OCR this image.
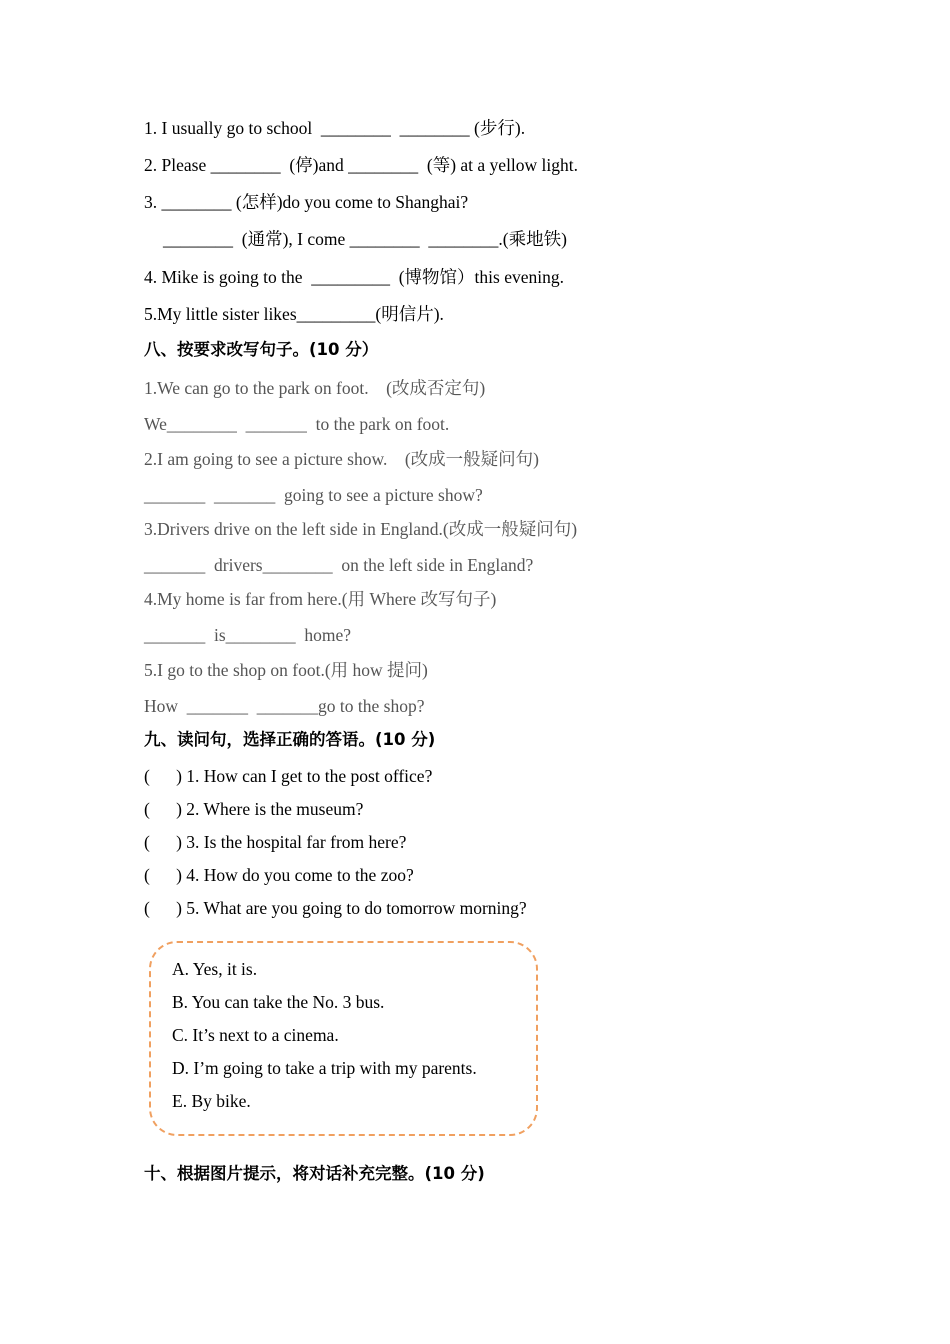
1. I usually go to school  ________  ________ (步行).
2. Please ________  (停)and ________  (等) at a yellow light.
3. ________ (怎样)do you come to Shanghai?
________  (通常), I come ________  ________.(乘地铁)
4. Mike is going to the  _________  (博物馆）this evening.
5.My little sister likes_________(明信片).
八、按要求改写句子。(10 分）
1.We can go to the park on foot.    (改成否定句)
We________  _______  to the park on foot.
2.I am going to see a picture show.    (改成一般疑问句)
_______  _______  going to see a picture show?
3.Drivers drive on the left side in England.(改成一般疑问句)
_______  drivers________  on the left side in England?
4.My home is far from here.(用 Where 改写句子)
_______  is________  home?
5.I go to the shop on foot.(用 how 提问)
How  _______  _______go to the shop?
九、读问句，选择正确的答语。(10 分)
(      ) 1. How can I get to the post office?
(      ) 2. Where is the museum?
(      ) 3. Is the hospital far from here?
(      ) 4. How do you come to the zoo?
(      ) 5. What are you going to do tomorrow morning?
A. Yes, it is.
B. You can take the No. 3 bus.
C. It’s next to a cinema.
D. I’m going to take a trip with my parents.
E. By bike.
十、根据图片提示，将对话补充完整。(10 分)
